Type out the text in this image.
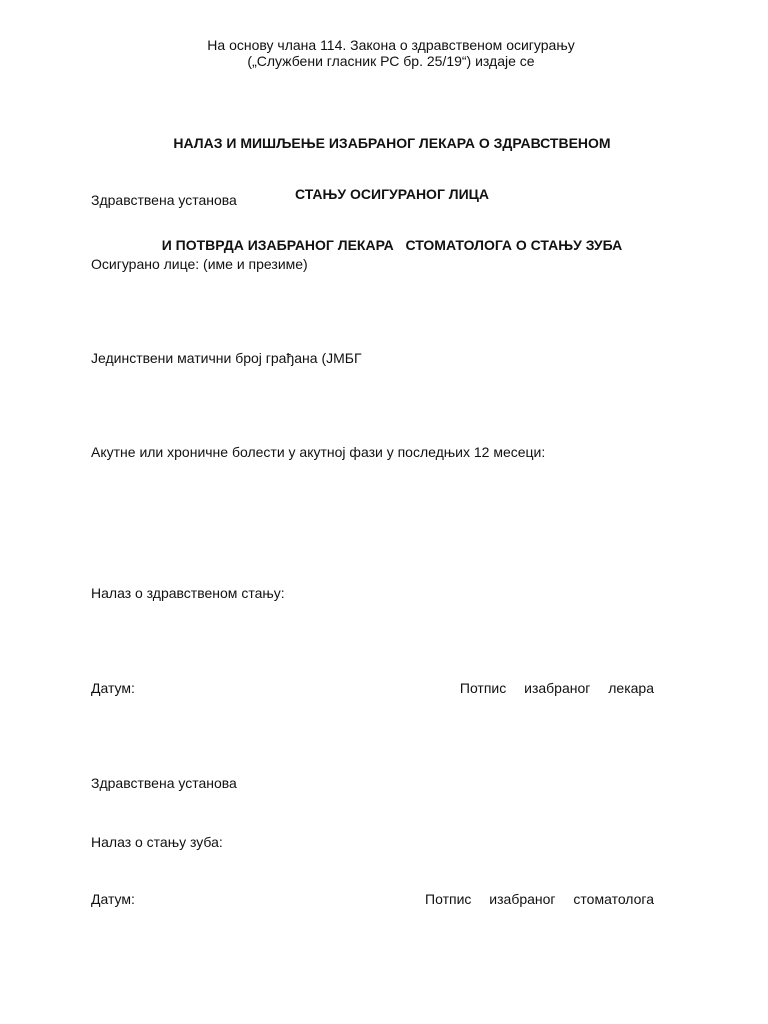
На основу члана 114. Закона о здравственом осигурању
(„Службени гласник РС бр. 25/19“) издаје се

НАЛАЗ И МИШЉЕЊЕ ИЗАБРАНОГ ЛЕКАРА О ЗДРАВСТВЕНОМ

СТАЊУ ОСИГУРАНОГ ЛИЦА

И ПОТВРДА ИЗАБРАНОГ ЛЕКАРА   СТОМАТОЛОГА О СТАЊУ ЗУБА

Здравствена установа
Осигурано лице: (име и презиме)
Јединствени матични број грађана (ЈМБГ
Акутне или хроничне болести у акутној фази у последњих 12 месеци:
Налаз о здравственом стању:
Датум:	Потпис изабраног лекара
Здравствена установа
Налаз о стању зуба:
Датум:	Потпис изабраног стоматолога
